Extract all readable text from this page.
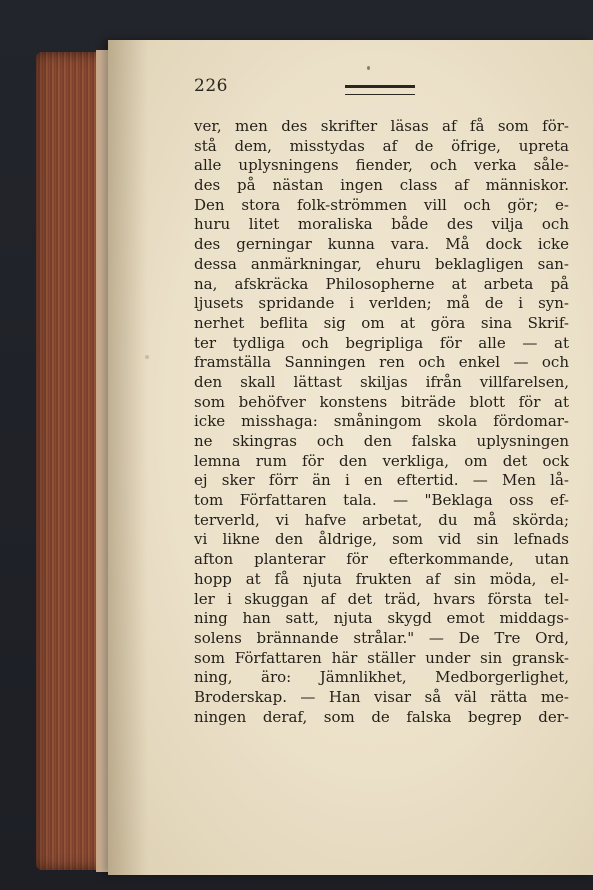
226
ver, men des skrifter läsas af få som för-
stå dem, misstydas af de öfrige, upreta
alle uplysningens fiender, och verka såle-
des på nästan ingen class af människor.
Den stora folk-strömmen vill och gör; e-
huru litet moraliska både des vilja och
des gerningar kunna vara. Må dock icke
dessa anmärkningar, ehuru beklagligen san-
na, afskräcka Philosopherne at arbeta på
ljusets spridande i verlden; må de i syn-
nerhet beflita sig om at göra sina Skrif-
ter tydliga och begripliga för alle — at
framställa Sanningen ren och enkel — och
den skall lättast skiljas ifrån villfarelsen,
som behöfver konstens biträde blott för at
icke misshaga: småningom skola fördomar-
ne skingras och den falska uplysningen
lemna rum för den verkliga, om det ock
ej sker förr än i en eftertid. — Men lå-
tom Författaren tala. — "Beklaga oss ef-
terverld, vi hafve arbetat, du må skörda;
vi likne den åldrige, som vid sin lefnads
afton planterar för efterkommande, utan
hopp at få njuta frukten af sin möda, el-
ler i skuggan af det träd, hvars första tel-
ning han satt, njuta skygd emot middags-
solens brännande strålar." — De Tre Ord,
som Författaren här ställer under sin gransk-
ning, äro: Jämnlikhet, Medborgerlighet,
Broderskap. — Han visar så väl rätta me-
ningen deraf, som de falska begrep der-
